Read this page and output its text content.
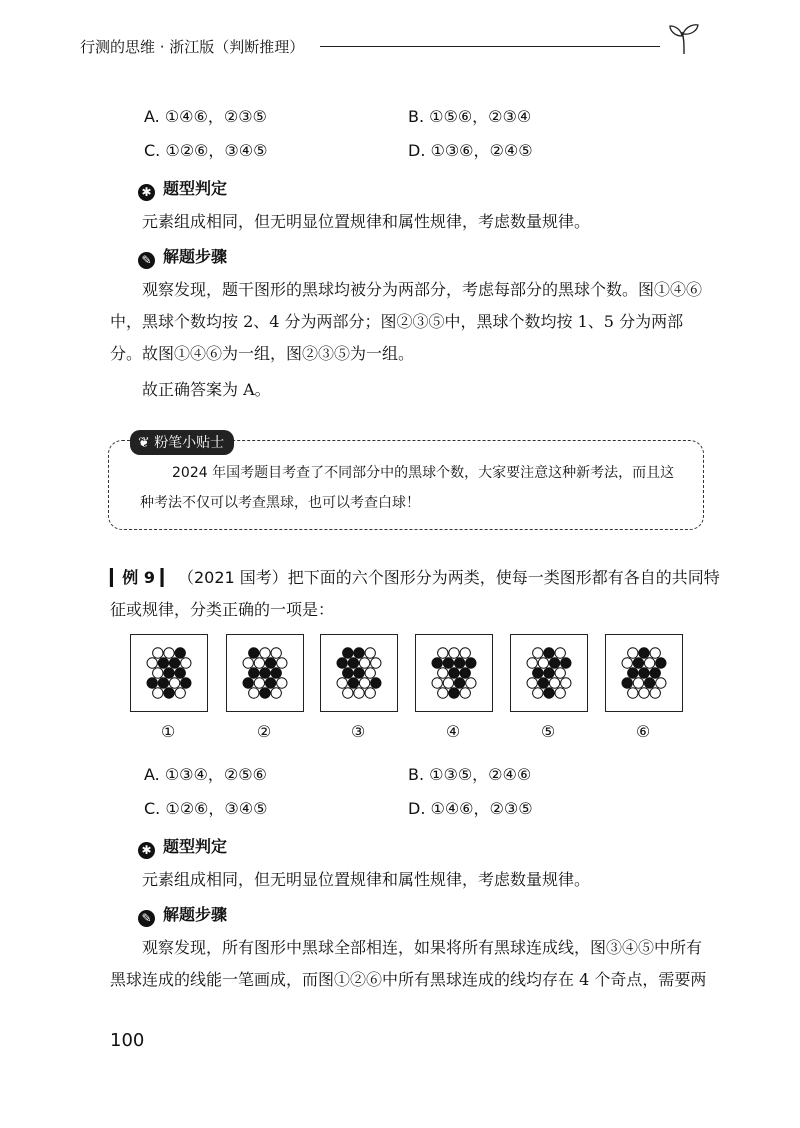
行测的思维 · 浙江版（判断推理）
A. ①④⑥，②③⑤	B. ①⑤⑥，②③④
C. ①②⑥，③④⑤	D. ①③⑥，②④⑤
✱ 题型判定
元素组成相同，但无明显位置规律和属性规律，考虑数量规律。
✎ 解题步骤
观察发现，题干图形的黑球均被分为两部分，考虑每部分的黑球个数。图①④⑥中，黑球个数均按 2、4 分为两部分；图②③⑤中，黑球个数均按 1、5 分为两部分。故图①④⑥为一组，图②③⑤为一组。
故正确答案为 A。
❦ 粉笔小贴士
2024 年国考题目考查了不同部分中的黑球个数，大家要注意这种新考法，而且这种考法不仅可以考查黑球，也可以考查白球！
▎例 9 ▎ （2021 国考）把下面的六个图形分为两类，使每一类图形都有各自的共同特征或规律，分类正确的一项是：
①	②	③	④	⑤	⑥
A. ①③④，②⑤⑥	B. ①③⑤，②④⑥
C. ①②⑥，③④⑤	D. ①④⑥，②③⑤
✱ 题型判定
元素组成相同，但无明显位置规律和属性规律，考虑数量规律。
✎ 解题步骤
观察发现，所有图形中黑球全部相连，如果将所有黑球连成线，图③④⑤中所有黑球连成的线能一笔画成，而图①②⑥中所有黑球连成的线均存在 4 个奇点，需要两
100
